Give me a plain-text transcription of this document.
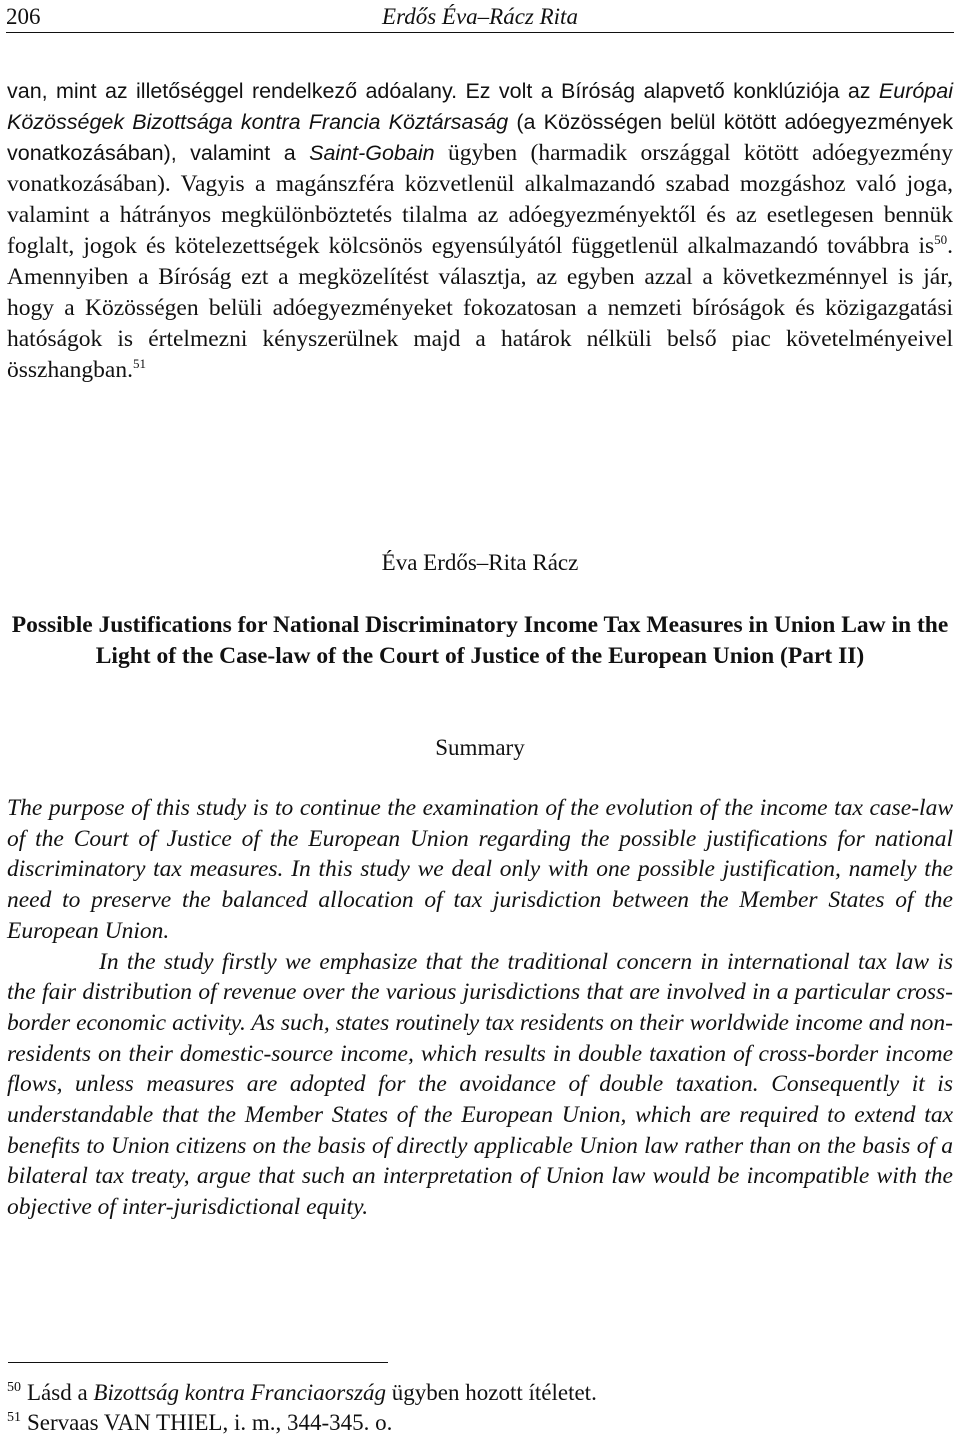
206	Erdős Éva–Rácz Rita

van, mint az illetőséggel rendelkező adóalany. Ez volt a Bíróság alapvető konklúziója az Európai Közösségek Bizottsága kontra Francia Köztársaság (a Közösségen belül kötött adóegyezmények vonatkozásában), valamint a Saint-Gobain ügyben (harmadik országgal kötött adóegyezmény vonatkozásában). Vagyis a magánszféra közvetlenül alkalmazandó szabad mozgáshoz való joga, valamint a hátrányos megkülönböztetés tilalma az adóegyezményektől és az esetlegesen bennük foglalt, jogok és kötelezettségek kölcsönös egyensúlyától függetlenül alkalmazandó továbbra $is^{50}$. Amennyiben a Bíróság ezt a megközelítést választja, az egyben azzal a következménnyel is jár, hogy a Közösségen belüli adóegyezményeket fokozatosan a nemzeti bíróságok és közigazgatási hatóságok is értelmezni kényszerülnek majd a határok nélküli belső piac követelményeivel összhangban.$^{51}$

Éva Erdős–Rita Rácz
Possible Justifications for National Discriminatory Income Tax Measures in Union Law in the Light of the Case-law of the Court of Justice of the European Union (Part II)
Summary

The purpose of this study is to continue the examination of the evolution of the income tax case-law of the Court of Justice of the European Union regarding the possible justifications for national discriminatory tax measures. In this study we deal only with one possible justification, namely the need to preserve the balanced allocation of tax jurisdiction between the Member States of the European Union.

In the study firstly we emphasize that the traditional concern in international tax law is the fair distribution of revenue over the various jurisdictions that are involved in a particular cross-border economic activity. As such, states routinely tax residents on their worldwide income and non-residents on their domestic-source income, which results in double taxation of cross-border income flows, unless measures are adopted for the avoidance of double taxation. Consequently it is understandable that the Member States of the European Union, which are required to extend tax benefits to Union citizens on the basis of directly applicable Union law rather than on the basis of a bilateral tax treaty, argue that such an interpretation of Union law would be incompatible with the objective of inter-jurisdictional equity.

$^{50}$ Lásd a Bizottság kontra Franciaország ügyben hozott ítéletet.
$^{51}$ Servaas VAN THIEL, i. m., 344-345. o.
